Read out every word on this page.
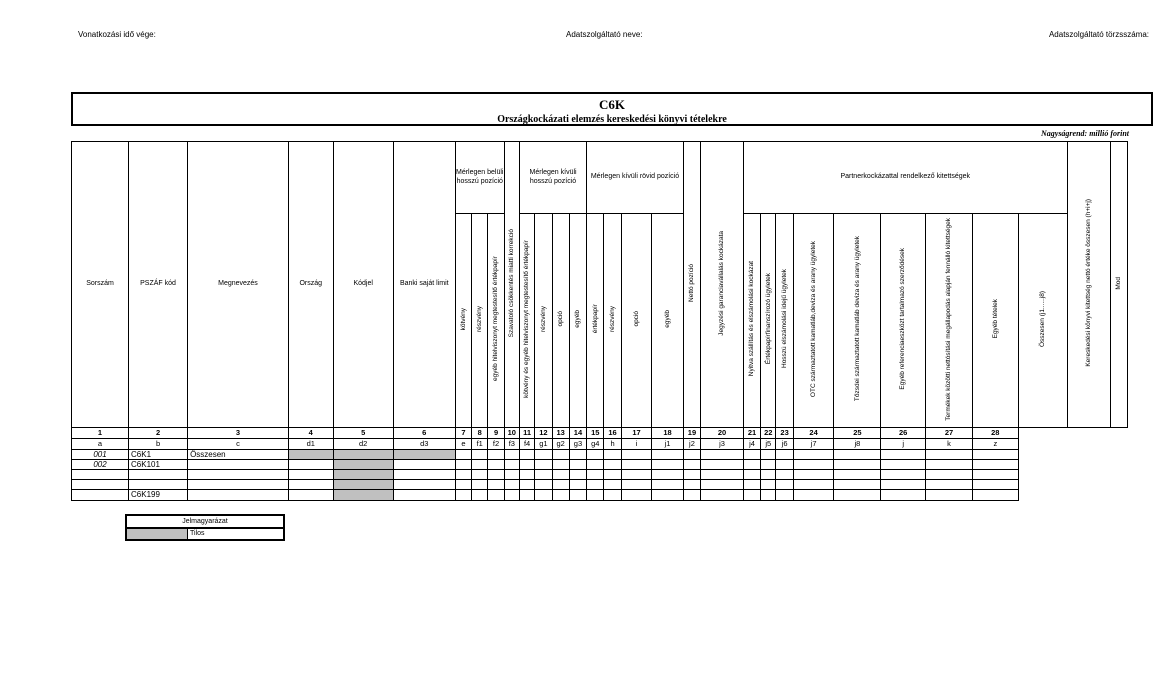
Vonatkozási idő vége:	Adatszolgáltató neve:	Adatszolgáltató törzsszáma:
C6K
Országkockázati elemzés kereskedési könyvi tételekre
Nagyságrend: millió forint
Sorszám	PSZÁF kód	Megnevezés	Ország	Kódjel	Banki saját limit	Mérlegen belüli hosszú pozíció			Szavatoló csökkentés miatti korrekció	Mérlegen kívüli hosszú pozíció				Mérlegen kívüli rövid pozíció				Nettó pozíció	Jegyzési garanciavállalás kockázata	Partnerkockázattal rendelkező kitettségek									Kereskedési könyvi kitettség nettó értéke összesen (h+i+j)	Mod
						kötvény	részvény	egyéb hitelviszonyt megtestesítő értékpapír		kötvény és egyéb hitelviszonyt megtestesítő értékpapír	részvény	opció	egyéb	értékpapír	részvény	opció	egyéb			Nyitva szállítás és elszámolási kockázat	Értékpapírfinanszírozó ügyletek	Hosszú elszámolási idejű ügyletek	OTC származtatott kamatláb,deviza és arany ügyletek	Tőzsdei származtatott kamatláb deviza és arany ügyletek	Egyéb referenciaeszközt tartalmazó szerződések	Termékek közötti nettósítási megállapodás alapján fennálló kitettségek	Egyéb tételek	Összesen (j1......j8)		
1	2	3	4	5	6	7	8	9	10	11	12	13	14	15	16	17	18	19	20	21	22	23	24	25	26	27	28			
a	b	c	d1	d2	d3	e	f1	f2	f3	f4	g1	g2	g3	g4	h	i	j1	j2	j3	j4	j5	j6	j7	j8	j	k	z			
001	C6K1	Összesen																												
002	C6K101																													

	C6K199																													
Jelmagyarázat
Tilos
